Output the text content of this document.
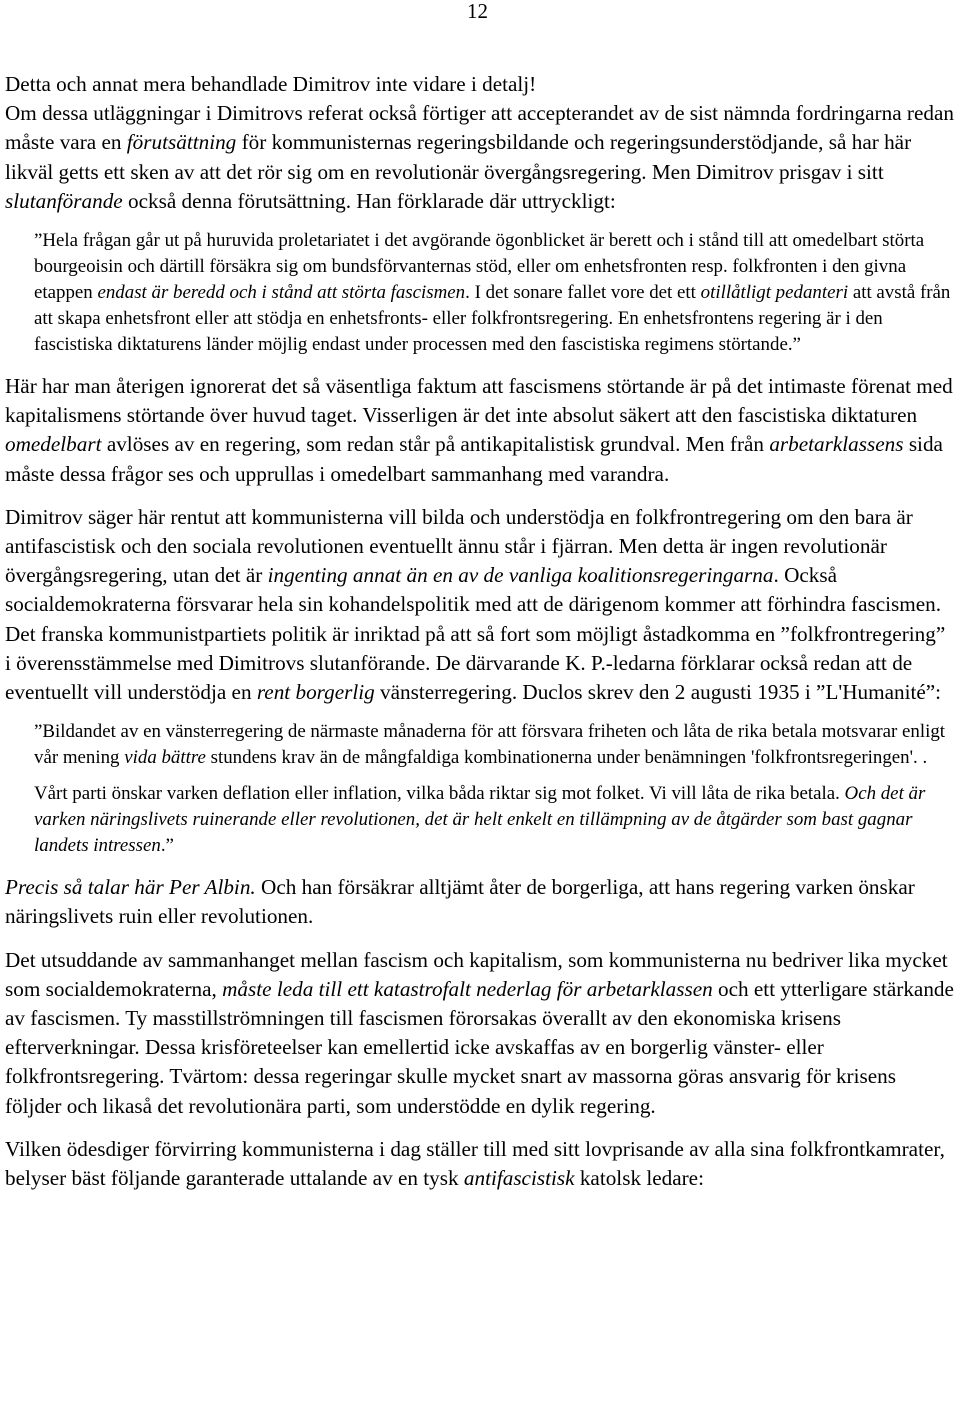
12

Detta och annat mera behandlade Dimitrov inte vidare i detalj!

Om dessa utläggningar i Dimitrovs referat också förtiger att accepterandet av de sist nämnda fordringarna redan måste vara en förutsättning för kommunisternas regeringsbildande och regeringsunderstödjande, så har här likväl getts ett sken av att det rör sig om en revolutionär övergångsregering. Men Dimitrov prisgav i sitt slutanförande också denna förutsättning. Han förklarade där uttryckligt:

”Hela frågan går ut på huruvida proletariatet i det avgörande ögonblicket är berett och i stånd till att omedelbart störta bourgeoisin och därtill försäkra sig om bundsförvanternas stöd, eller om enhetsfronten resp. folkfronten i den givna etappen endast är beredd och i stånd att störta fascismen. I det sonare fallet vore det ett otillåtligt pedanteri att avstå från att skapa enhetsfront eller att stödja en enhetsfronts- eller folkfrontsregering. En enhetsfrontens regering är i den fascistiska diktaturens länder möjlig endast under processen med den fascistiska regimens störtande.”

Här har man återigen ignorerat det så väsentliga faktum att fascismens störtande är på det intimaste förenat med kapitalismens störtande över huvud taget. Visserligen är det inte absolut säkert att den fascistiska diktaturen omedelbart avlöses av en regering, som redan står på antikapitalistisk grundval. Men från arbetarklassens sida måste dessa frågor ses och upprullas i omedelbart sammanhang med varandra.

Dimitrov säger här rentut att kommunisterna vill bilda och understödja en folkfrontregering om den bara är antifascistisk och den sociala revolutionen eventuellt ännu står i fjärran. Men detta är ingen revolutionär övergångsregering, utan det är ingenting annat än en av de vanliga koalitionsregeringarna. Också socialdemokraterna försvarar hela sin kohandelspolitik med att de därigenom kommer att förhindra fascismen. Det franska kommunistpartiets politik är inriktad på att så fort som möjligt åstadkomma en ”folkfrontregering” i överensstämmelse med Dimitrovs slutanförande. De därvarande K. P.-ledarna förklarar också redan att de eventuellt vill understödja en rent borgerlig vänsterregering. Duclos skrev den 2 augusti 1935 i ”L'Humanité”:

”Bildandet av en vänsterregering de närmaste månaderna för att försvara friheten och låta de rika betala motsvarar enligt vår mening vida bättre stundens krav än de mångfaldiga kombinationerna under benämningen 'folkfrontsregeringen'. .

Vårt parti önskar varken deflation eller inflation, vilka båda riktar sig mot folket. Vi vill låta de rika betala. Och det är varken näringslivets ruinerande eller revolutionen, det är helt enkelt en tillämpning av de åtgärder som bast gagnar landets intressen.”

Precis så talar här Per Albin. Och han försäkrar alltjämt åter de borgerliga, att hans regering varken önskar näringslivets ruin eller revolutionen.

Det utsuddande av sammanhanget mellan fascism och kapitalism, som kommunisterna nu bedriver lika mycket som socialdemokraterna, måste leda till ett katastrofalt nederlag för arbetarklassen och ett ytterligare stärkande av fascismen. Ty masstillströmningen till fascismen förorsakas överallt av den ekonomiska krisens efterverkningar. Dessa krisföreteelser kan emellertid icke avskaffas av en borgerlig vänster- eller folkfrontsregering. Tvärtom: dessa regeringar skulle mycket snart av massorna göras ansvarig för krisens följder och likaså det revolutionära parti, som understödde en dylik regering.

Vilken ödesdiger förvirring kommunisterna i dag ställer till med sitt lovprisande av alla sina folkfrontkamrater, belyser bäst följande garanterade uttalande av en tysk antifascistisk katolsk ledare:
